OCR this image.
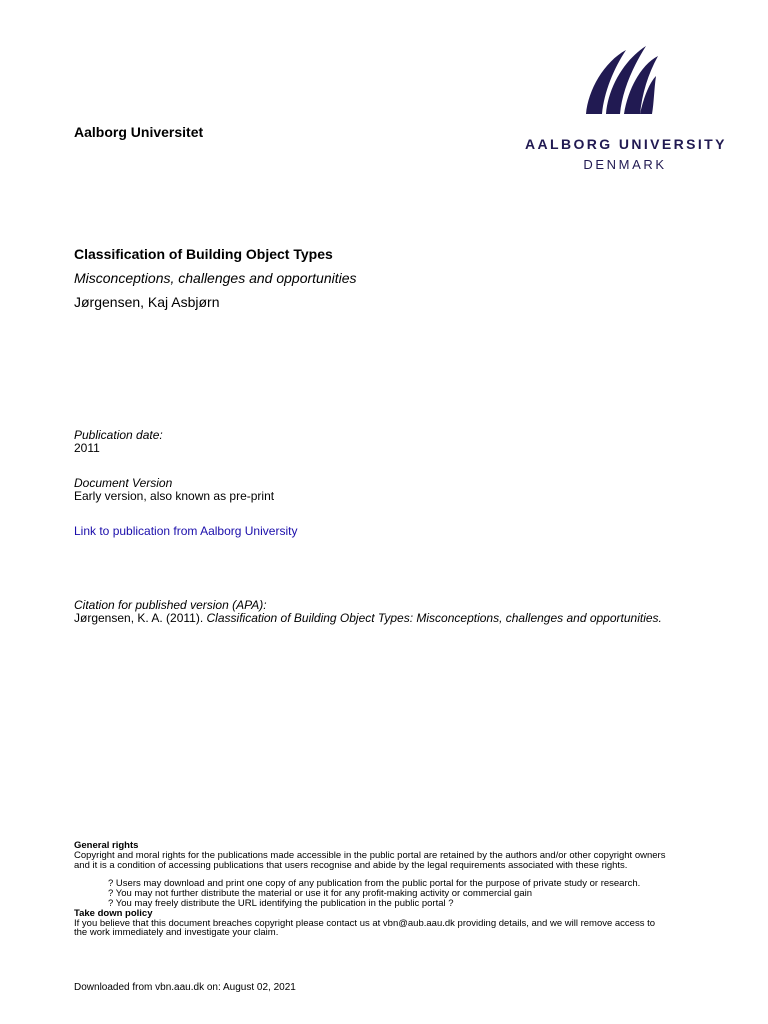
Aalborg Universitet
AALBORG UNIVERSITY
DENMARK
Classification of Building Object Types
Misconceptions, challenges and opportunities
Jørgensen, Kaj Asbjørn
Publication date:
2011
Document Version
Early version, also known as pre-print
Link to publication from Aalborg University
Citation for published version (APA):
Jørgensen, K. A. (2011). Classification of Building Object Types: Misconceptions, challenges and opportunities.
General rights
Copyright and moral rights for the publications made accessible in the public portal are retained by the authors and/or other copyright owners
and it is a condition of accessing publications that users recognise and abide by the legal requirements associated with these rights.
? Users may download and print one copy of any publication from the public portal for the purpose of private study or research.
? You may not further distribute the material or use it for any profit-making activity or commercial gain
? You may freely distribute the URL identifying the publication in the public portal ?
Take down policy
If you believe that this document breaches copyright please contact us at vbn@aub.aau.dk providing details, and we will remove access to
the work immediately and investigate your claim.
Downloaded from vbn.aau.dk on: August 02, 2021
